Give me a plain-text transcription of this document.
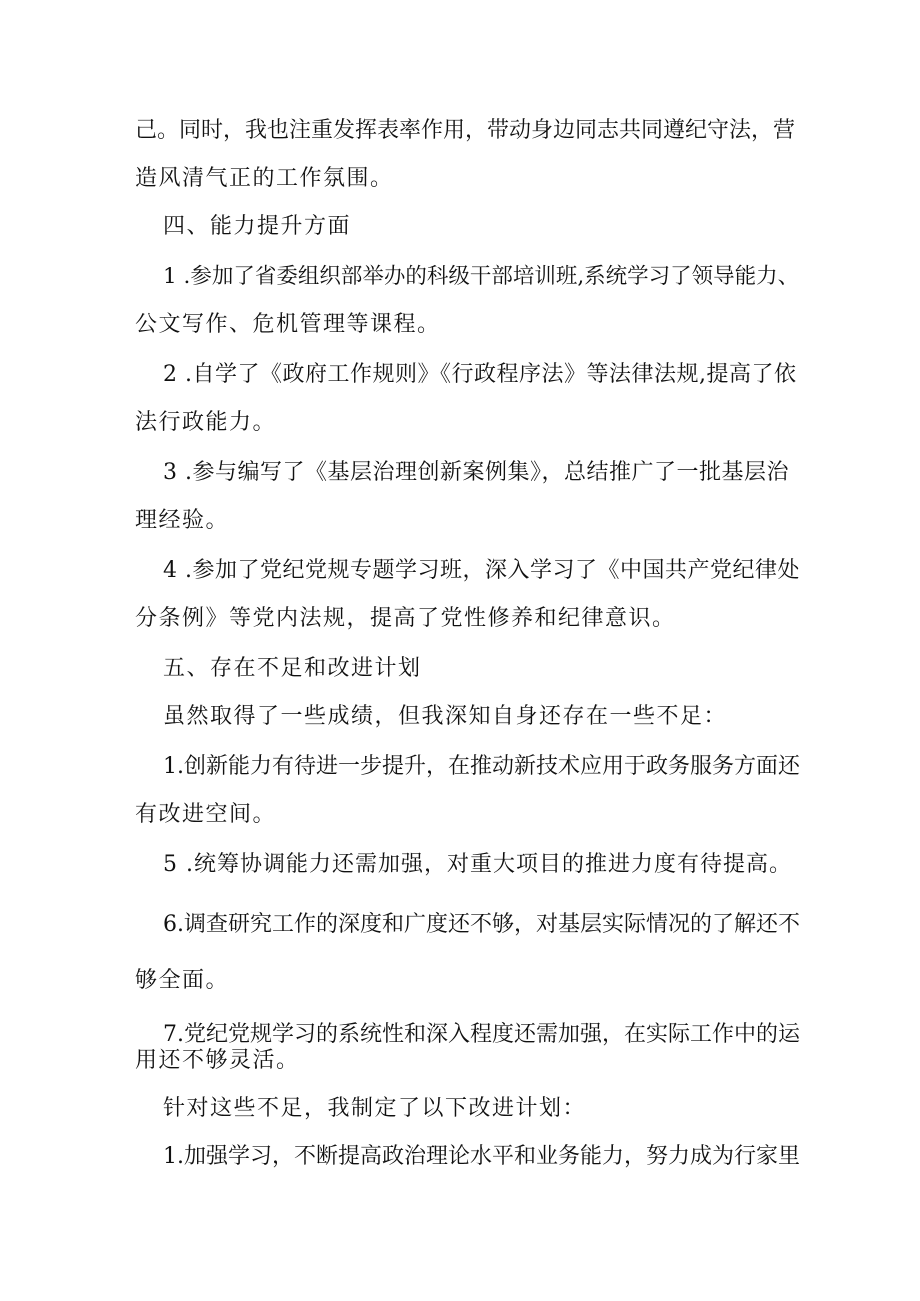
己。同时，我也注重发挥表率作用，带动身边同志共同遵纪守法，营
造风清气正的工作氛围。
四、能力提升方面
1 .参加了省委组织部举办的科级干部培训班,系统学习了领导能力、
公文写作、危机管理等课程。
2 .自学了《政府工作规则》《行政程序法》等法律法规,提高了依
法行政能力。
3 .参与编写了《基层治理创新案例集》，总结推广了一批基层治
理经验。
4 .参加了党纪党规专题学习班，深入学习了《中国共产党纪律处
分条例》等党内法规，提高了党性修养和纪律意识。
五、存在不足和改进计划
虽然取得了一些成绩，但我深知自身还存在一些不足：
1.创新能力有待进一步提升，在推动新技术应用于政务服务方面还
有改进空间。
5 .统筹协调能力还需加强，对重大项目的推进力度有待提高。
6.调查研究工作的深度和广度还不够，对基层实际情况的了解还不
够全面。
7.党纪党规学习的系统性和深入程度还需加强，在实际工作中的运
用还不够灵活。
针对这些不足，我制定了以下改进计划：
1.加强学习，不断提高政治理论水平和业务能力，努力成为行家里
